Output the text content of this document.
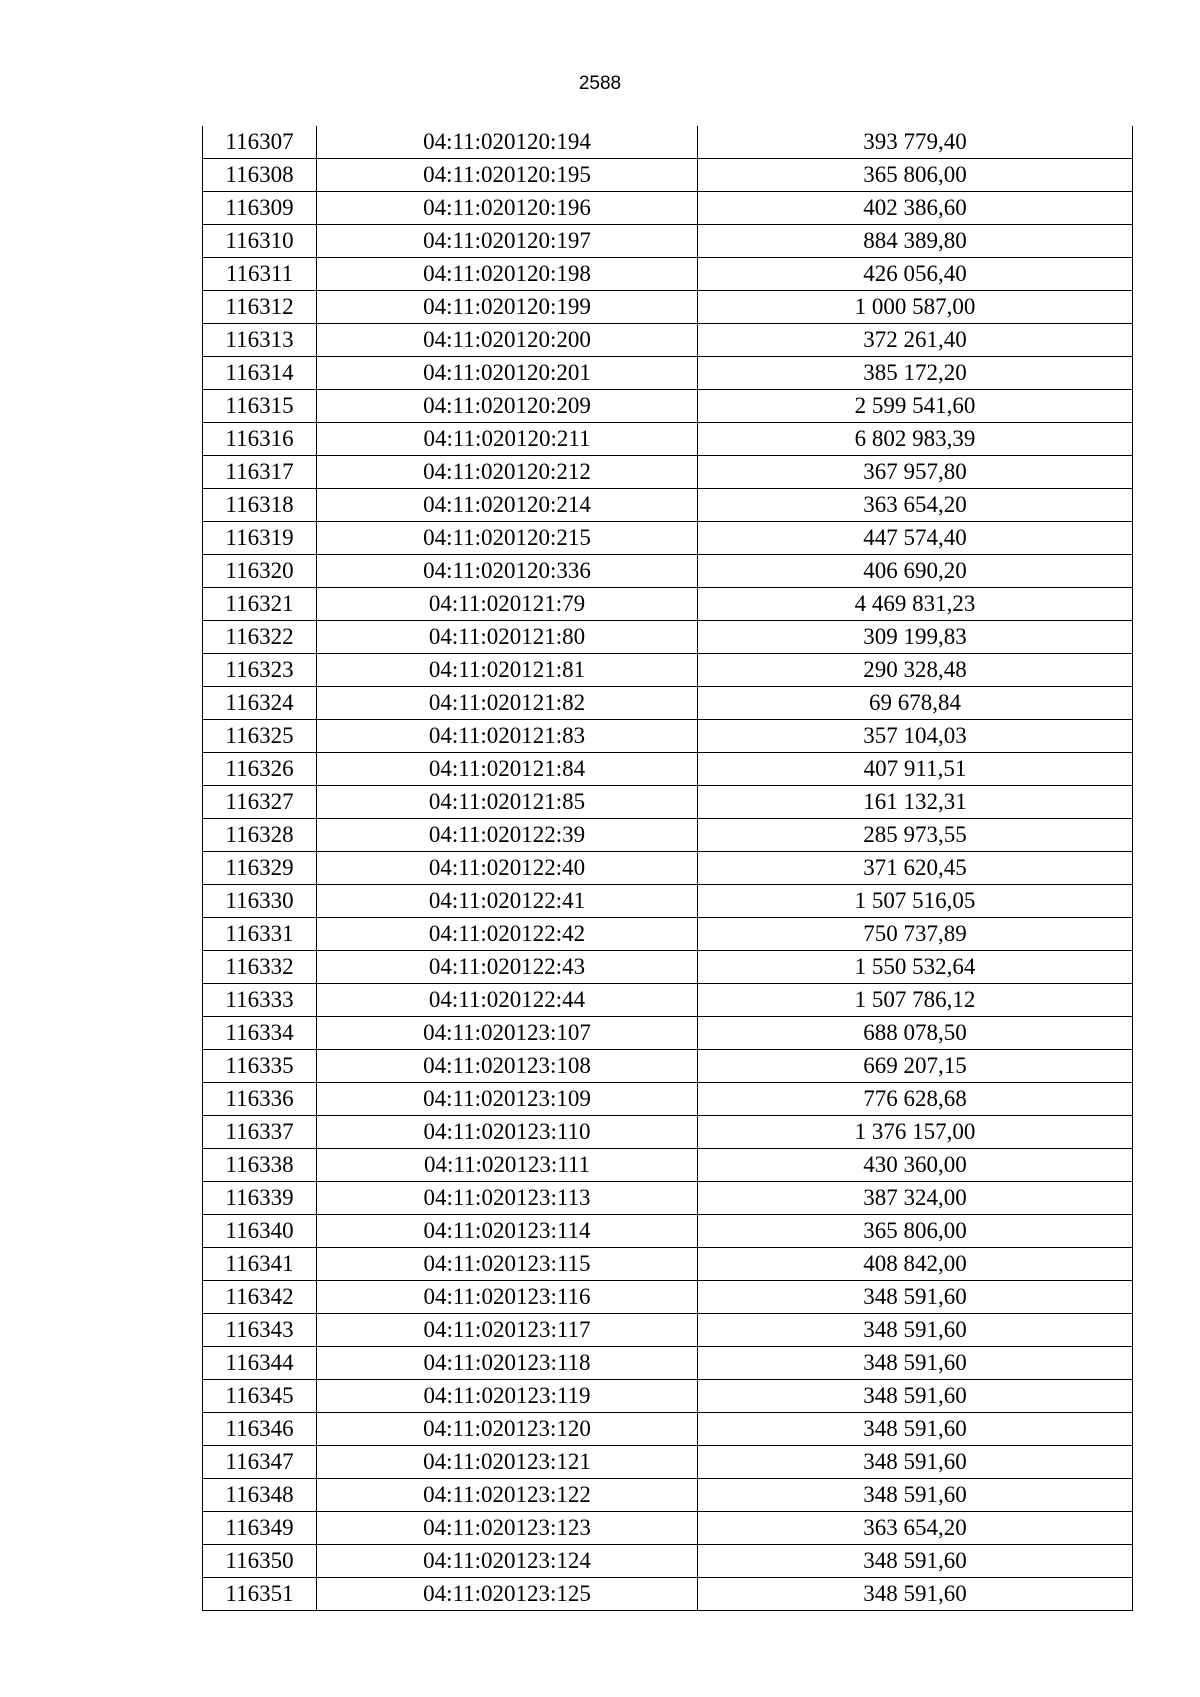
2588
116307	04:11:020120:194	393 779,40
116308	04:11:020120:195	365 806,00
116309	04:11:020120:196	402 386,60
116310	04:11:020120:197	884 389,80
116311	04:11:020120:198	426 056,40
116312	04:11:020120:199	1 000 587,00
116313	04:11:020120:200	372 261,40
116314	04:11:020120:201	385 172,20
116315	04:11:020120:209	2 599 541,60
116316	04:11:020120:211	6 802 983,39
116317	04:11:020120:212	367 957,80
116318	04:11:020120:214	363 654,20
116319	04:11:020120:215	447 574,40
116320	04:11:020120:336	406 690,20
116321	04:11:020121:79	4 469 831,23
116322	04:11:020121:80	309 199,83
116323	04:11:020121:81	290 328,48
116324	04:11:020121:82	69 678,84
116325	04:11:020121:83	357 104,03
116326	04:11:020121:84	407 911,51
116327	04:11:020121:85	161 132,31
116328	04:11:020122:39	285 973,55
116329	04:11:020122:40	371 620,45
116330	04:11:020122:41	1 507 516,05
116331	04:11:020122:42	750 737,89
116332	04:11:020122:43	1 550 532,64
116333	04:11:020122:44	1 507 786,12
116334	04:11:020123:107	688 078,50
116335	04:11:020123:108	669 207,15
116336	04:11:020123:109	776 628,68
116337	04:11:020123:110	1 376 157,00
116338	04:11:020123:111	430 360,00
116339	04:11:020123:113	387 324,00
116340	04:11:020123:114	365 806,00
116341	04:11:020123:115	408 842,00
116342	04:11:020123:116	348 591,60
116343	04:11:020123:117	348 591,60
116344	04:11:020123:118	348 591,60
116345	04:11:020123:119	348 591,60
116346	04:11:020123:120	348 591,60
116347	04:11:020123:121	348 591,60
116348	04:11:020123:122	348 591,60
116349	04:11:020123:123	363 654,20
116350	04:11:020123:124	348 591,60
116351	04:11:020123:125	348 591,60
